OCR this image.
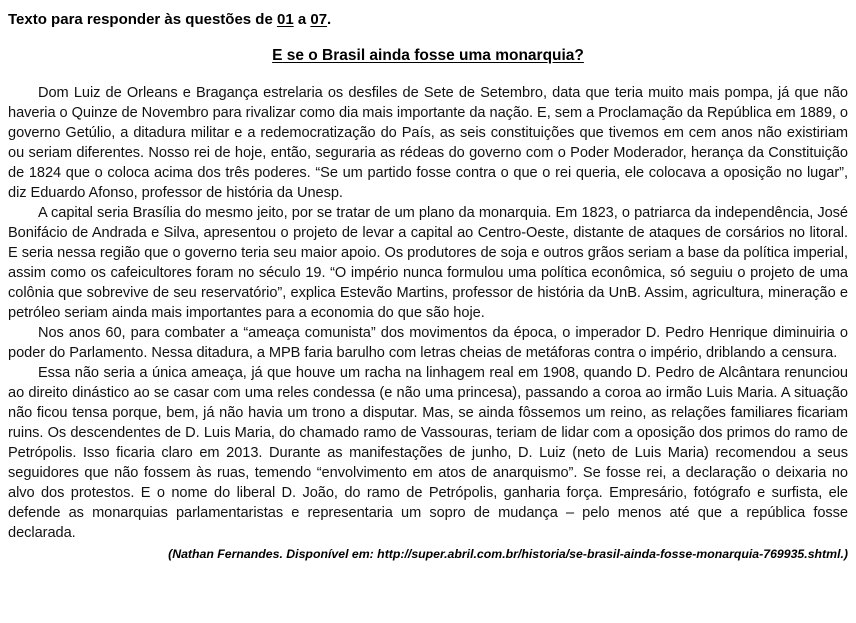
Texto para responder às questões de 01 a 07.

E se o Brasil ainda fosse uma monarquia?

Dom Luiz de Orleans e Bragança estrelaria os desfiles de Sete de Setembro, data que teria muito mais pompa, já que não haveria o Quinze de Novembro para rivalizar como dia mais importante da nação. E, sem a Proclamação da República em 1889, o governo Getúlio, a ditadura militar e a redemocratização do País, as seis constituições que tivemos em cem anos não existiriam ou seriam diferentes. Nosso rei de hoje, então, seguraria as rédeas do governo com o Poder Moderador, herança da Constituição de 1824 que o coloca acima dos três poderes. “Se um partido fosse contra o que o rei queria, ele colocava a oposição no lugar”, diz Eduardo Afonso, professor de história da Unesp.

A capital seria Brasília do mesmo jeito, por se tratar de um plano da monarquia. Em 1823, o patriarca da independência, José Bonifácio de Andrada e Silva, apresentou o projeto de levar a capital ao Centro-Oeste, distante de ataques de corsários no litoral. E seria nessa região que o governo teria seu maior apoio. Os produtores de soja e outros grãos seriam a base da política imperial, assim como os cafeicultores foram no século 19. “O império nunca formulou uma política econômica, só seguiu o projeto de uma colônia que sobrevive de seu reservatório”, explica Estevão Martins, professor de história da UnB. Assim, agricultura, mineração e petróleo seriam ainda mais importantes para a economia do que são hoje.

Nos anos 60, para combater a “ameaça comunista” dos movimentos da época, o imperador D. Pedro Henrique diminuiria o poder do Parlamento. Nessa ditadura, a MPB faria barulho com letras cheias de metáforas contra o império, driblando a censura.

Essa não seria a única ameaça, já que houve um racha na linhagem real em 1908, quando D. Pedro de Alcântara renunciou ao direito dinástico ao se casar com uma reles condessa (e não uma princesa), passando a coroa ao irmão Luis Maria. A situação não ficou tensa porque, bem, já não havia um trono a disputar. Mas, se ainda fôssemos um reino, as relações familiares ficariam ruins. Os descendentes de D. Luis Maria, do chamado ramo de Vassouras, teriam de lidar com a oposição dos primos do ramo de Petrópolis. Isso ficaria claro em 2013. Durante as manifestações de junho, D. Luiz (neto de Luis Maria) recomendou a seus seguidores que não fossem às ruas, temendo “envolvimento em atos de anarquismo”. Se fosse rei, a declaração o deixaria no alvo dos protestos. E o nome do liberal D. João, do ramo de Petrópolis, ganharia força. Empresário, fotógrafo e surfista, ele defende as monarquias parlamentaristas e representaria um sopro de mudança – pelo menos até que a república fosse declarada.

(Nathan Fernandes. Disponível em: http://super.abril.com.br/historia/se-brasil-ainda-fosse-monarquia-769935.shtml.)
